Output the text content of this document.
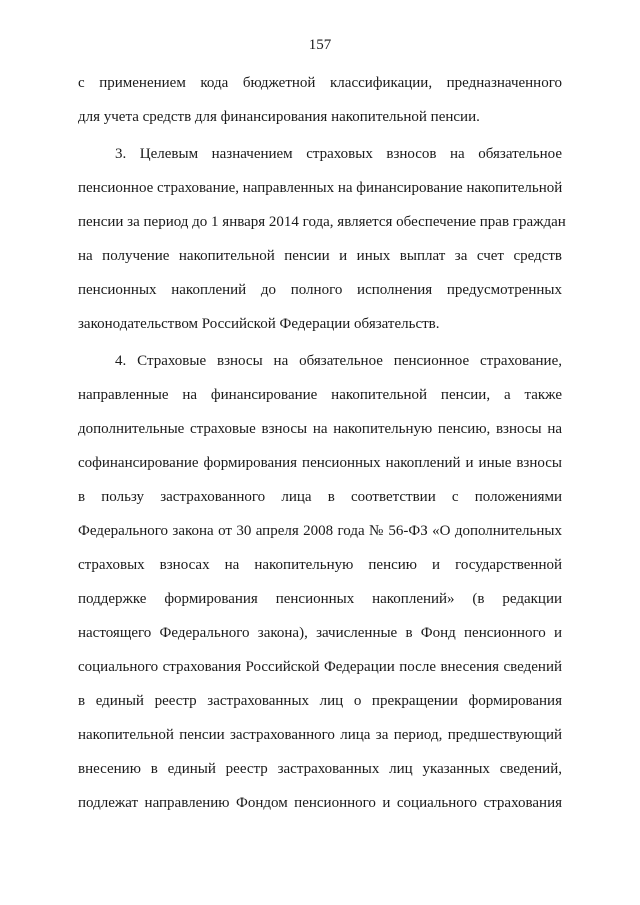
157

с применением кода бюджетной классификации, предназначенного
для учета средств для финансирования накопительной пенсии.

3. Целевым назначением страховых взносов на обязательное
пенсионное страхование, направленных на финансирование накопительной
пенсии за период до 1 января 2014 года, является обеспечение прав граждан
на получение накопительной пенсии и иных выплат за счет средств
пенсионных накоплений до полного исполнения предусмотренных
законодательством Российской Федерации обязательств.

4. Страховые взносы на обязательное пенсионное страхование,
направленные на финансирование накопительной пенсии, а также
дополнительные страховые взносы на накопительную пенсию, взносы на
софинансирование формирования пенсионных накоплений и иные взносы
в пользу застрахованного лица в соответствии с положениями
Федерального закона от 30 апреля 2008 года № 56-ФЗ «О дополнительных
страховых взносах на накопительную пенсию и государственной
поддержке формирования пенсионных накоплений» (в редакции
настоящего Федерального закона), зачисленные в Фонд пенсионного и
социального страхования Российской Федерации после внесения сведений
в единый реестр застрахованных лиц о прекращении формирования
накопительной пенсии застрахованного лица за период, предшествующий
внесению в единый реестр застрахованных лиц указанных сведений,
подлежат направлению Фондом пенсионного и социального страхования
